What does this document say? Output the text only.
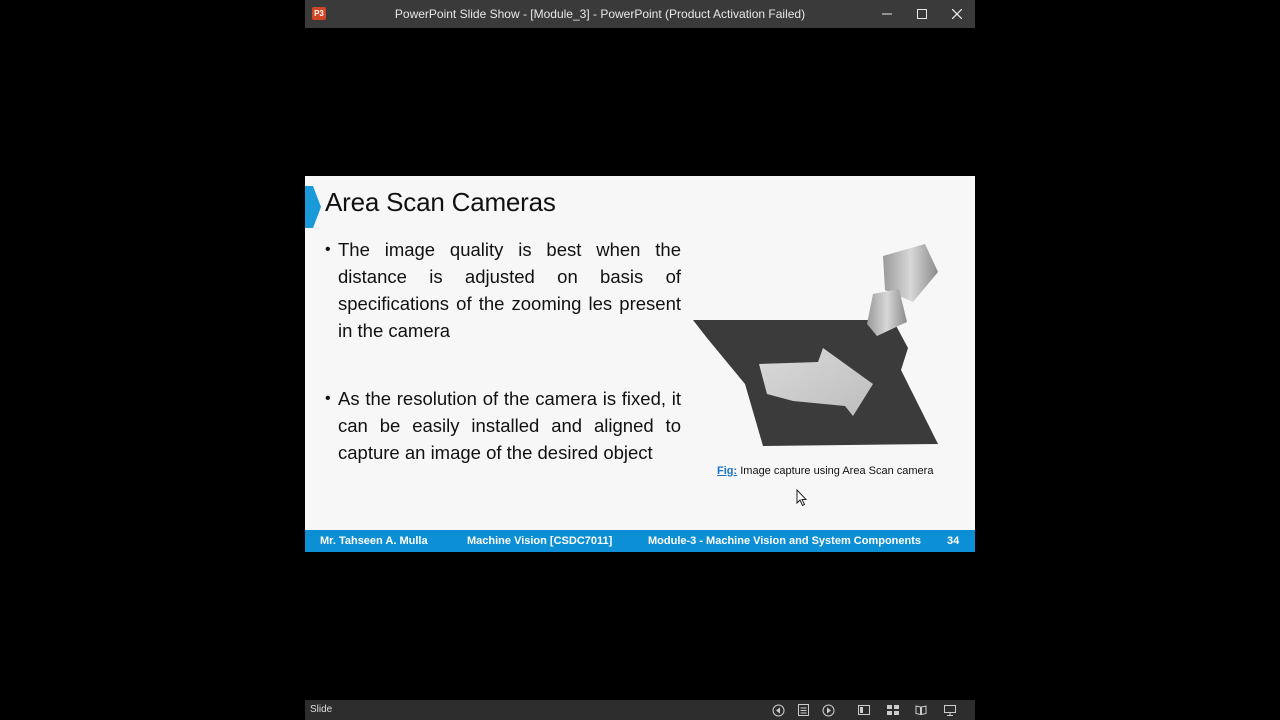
P3	PowerPoint Slide Show - [Module_3] - PowerPoint (Product Activation Failed)
Area Scan Cameras
• The image quality is best when the distance is adjusted on basis of specifications of the zooming les present in the camera
• As the resolution of the camera is fixed, it can be easily installed and aligned to capture an image of the desired object
Fig: Image capture using Area Scan camera
Mr. Tahseen A. Mulla	Machine Vision [CSDC7011]	Module-3 - Machine Vision and System Components 34
Slide
